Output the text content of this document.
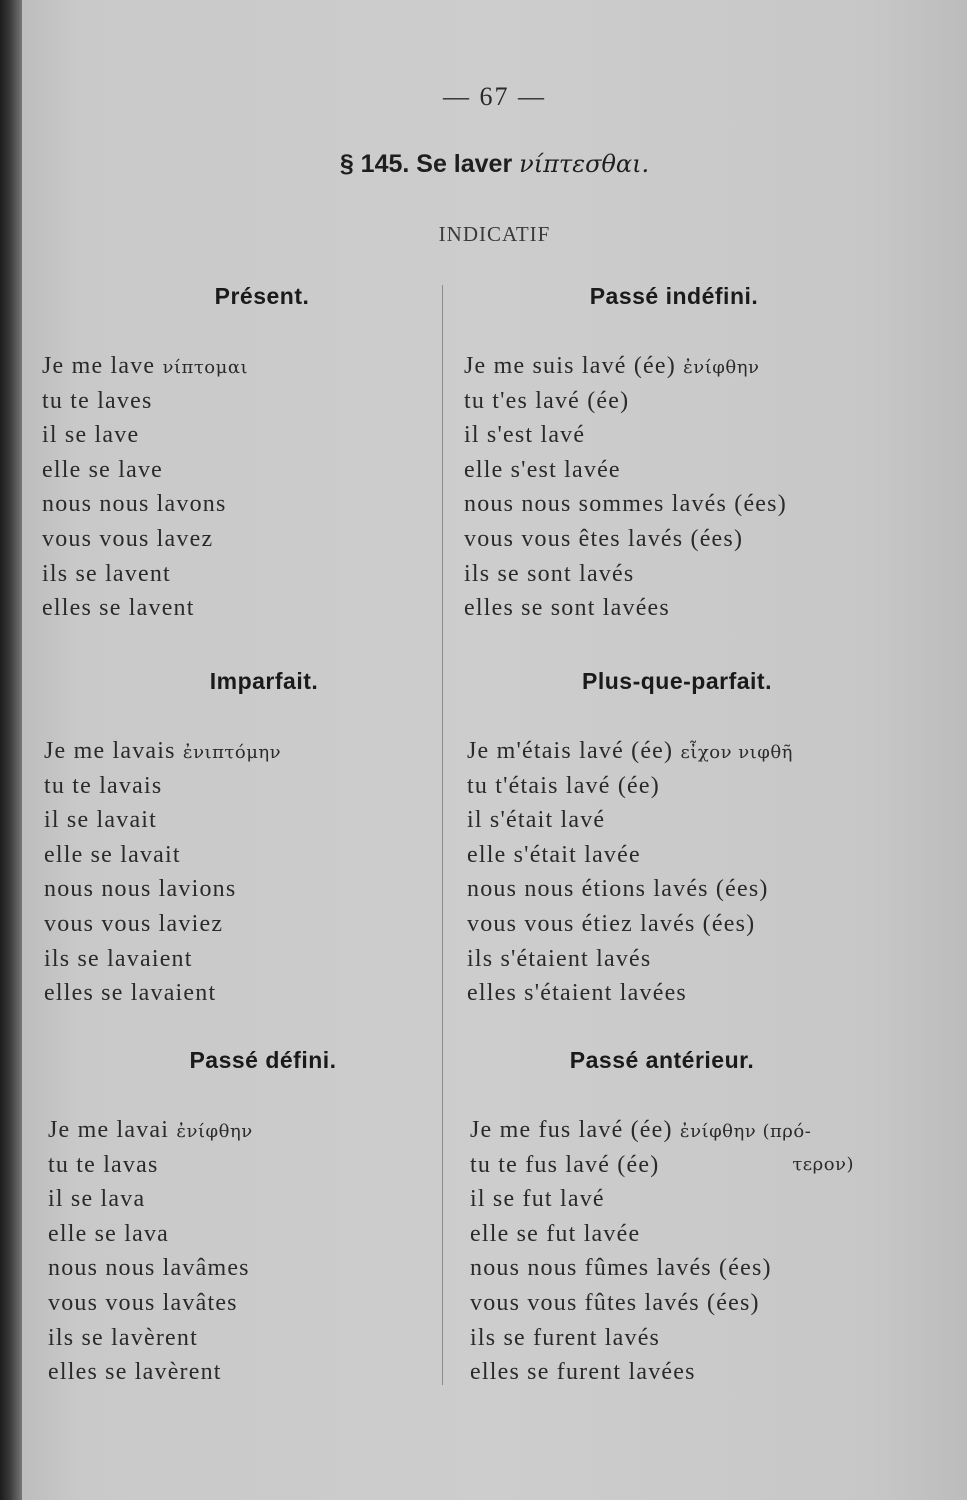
— 67 —
§ 145. Se laver νίπτεσθαι.
INDICATIF
Présent.
Je me lave νίπτομαι
tu te laves
il se lave
elle se lave
nous nous lavons
vous vous lavez
ils se lavent
elles se lavent
Imparfait.
Je me lavais ἐνιπτόμην
tu te lavais
il se lavait
elle se lavait
nous nous lavions
vous vous laviez
ils se lavaient
elles se lavaient
Passé défini.
Je me lavai ἐνίφθην
tu te lavas
il se lava
elle se lava
nous nous lavâmes
vous vous lavâtes
ils se lavèrent
elles se lavèrent
Passé indéfini.
Je me suis lavé (ée) ἐνίφθην
tu t'es lavé (ée)
il s'est lavé
elle s'est lavée
nous nous sommes lavés (ées)
vous vous êtes lavés (ées)
ils se sont lavés
elles se sont lavées
Plus-que-parfait.
Je m'étais lavé (ée) εἶχον νιφθῆ
tu t'étais lavé (ée)
il s'était lavé
elle s'était lavée
nous nous étions lavés (ées)
vous vous étiez lavés (ées)
ils s'étaient lavés
elles s'étaient lavées
Passé antérieur.
Je me fus lavé (ée) ἐνίφθην (πρό-
tu te fus lavé (ée)	τερον)
il se fut lavé
elle se fut lavée
nous nous fûmes lavés (ées)
vous vous fûtes lavés (ées)
ils se furent lavés
elles se furent lavées
